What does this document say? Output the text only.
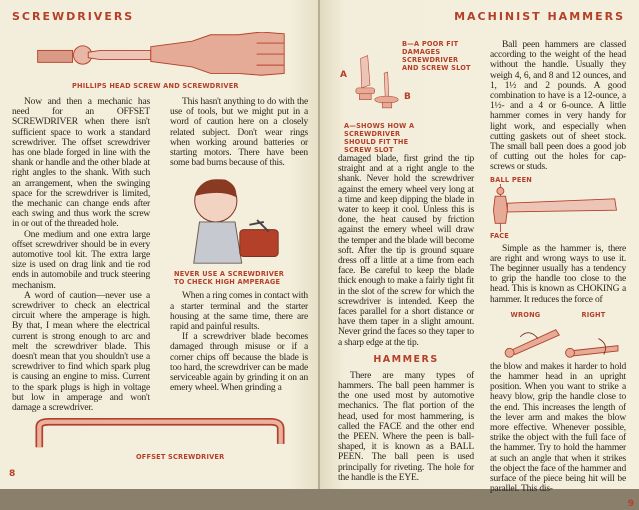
SCREWDRIVERS
PHILLIPS HEAD SCREW AND SCREWDRIVER

Now and then a mechanic has need for an OFFSET SCREWDRIVER when there isn't sufficient space to work a standard screwdriver. The offset screwdriver has one blade forged in line with the shank or handle and the other blade at right angles to the shank. With such an arrangement, when the swinging space for the screwdriver is limited, the mechanic can change ends after each swing and thus work the screw in or out of the threaded hole.

One medium and one extra large offset screwdriver should be in every automotive tool kit. The extra large size is used on drag link and tie rod ends in automobile and truck steering mechanism.

A word of caution—never use a screwdriver to check an electrical circuit where the amperage is high. By that, I mean where the electrical current is strong enough to arc and melt the screwdriver blade. This doesn't mean that you shouldn't use a screwdriver to find which spark plug is causing an engine to miss. Current to the spark plugs is high in voltage but low in amperage and won't damage a screwdriver.

This hasn't anything to do with the use of tools, but we might put in a word of caution here on a closely related subject. Don't wear rings when working around batteries or starting motors. There have been some bad burns because of this.

NEVER USE A SCREWDRIVER TO CHECK HIGH AMPERAGE

When a ring comes in contact with a starter terminal and the starter housing at the same time, there are rapid and painful results.

If a screwdriver blade becomes damaged through misuse or if a corner chips off because the blade is too hard, the screwdriver can be made serviceable again by grinding it on an emery wheel. When grinding a

OFFSET SCREWDRIVER
8
MACHINIST HAMMERS
A
B
B—A POOR FIT DAMAGES SCREWDRIVER AND SCREW SLOT
A—SHOWS HOW A SCREWDRIVER SHOULD FIT THE SCREW SLOT

damaged blade, first grind the tip straight and at a right angle to the shank. Never hold the screwdriver against the emery wheel very long at a time and keep dipping the blade in water to keep it cool. Unless this is done, the heat caused by friction against the emery wheel will draw the temper and the blade will become soft. After the tip is ground square dress off a little at a time from each face. Be careful to keep the blade thick enough to make a fairly tight fit in the slot of the screw for which the screwdriver is intended. Keep the faces parallel for a short distance or have them taper in a slight amount. Never grind the faces so they taper to a sharp edge at the tip.

HAMMERS

There are many types of hammers. The ball peen hammer is the one used most by automotive mechanics. The flat portion of the head, used for most hammering, is called the FACE and the other end the PEEN. Where the peen is ball-shaped, it is known as a BALL PEEN. The ball peen is used principally for riveting. The hole for the handle is the EYE.

Ball peen hammers are classed according to the weight of the head without the handle. Usually they weigh 4, 6, and 8 and 12 ounces, and 1, 1½ and 2 pounds. A good combination to have is a 12-ounce, a 1½- and a 4 or 6-ounce. A little hammer comes in very handy for light work, and especially when cutting gaskets out of sheet stock. The small ball peen does a good job of cutting out the holes for cap-screws or studs.

BALL PEEN
FACE

Simple as the hammer is, there are right and wrong ways to use it. The beginner usually has a tendency to grip the handle too close to the head. This is known as CHOKING a hammer. It reduces the force of

WRONG	RIGHT

the blow and makes it harder to hold the hammer head in an upright position. When you want to strike a heavy blow, grip the handle close to the end. This increases the length of the lever arm and makes the blow more effective. Whenever possible, strike the object with the full face of the hammer. Try to hold the hammer at such an angle that when it strikes the object the face of the hammer and surface of the piece being hit will be parallel. This dis-

9
